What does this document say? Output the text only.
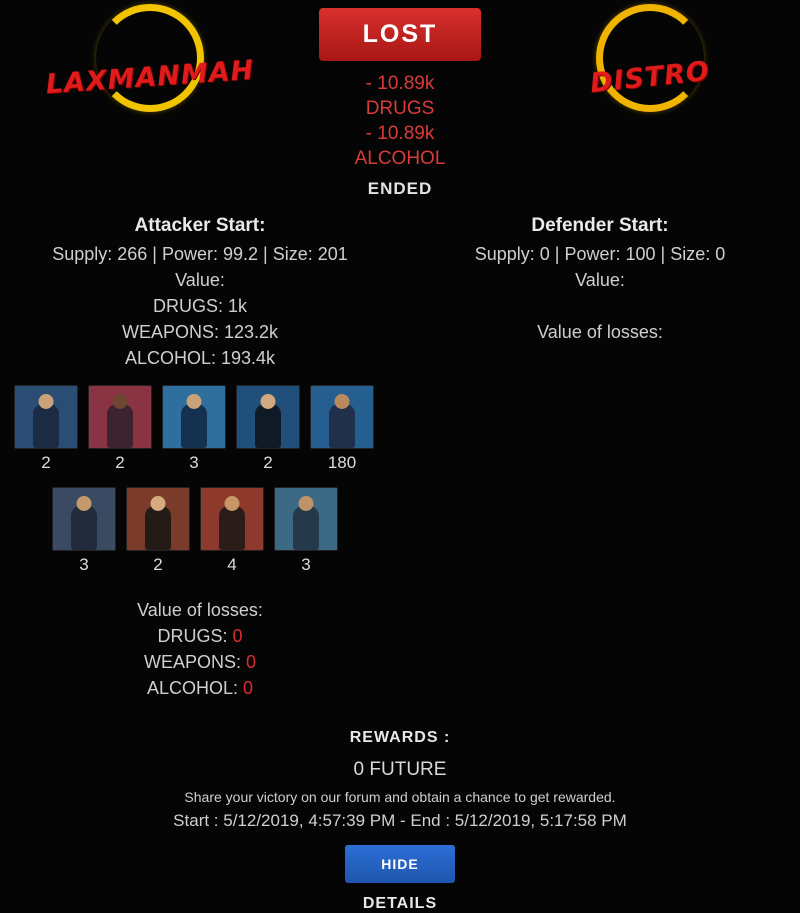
LAXMANMAH
LOST
- 10.89k
DRUGS
- 10.89k
ALCOHOL
ENDED
DISTRO
Attacker Start:
Supply: 266 | Power: 99.2 | Size: 201
Value:
DRUGS: 1k
WEAPONS: 123.2k
ALCOHOL: 193.4k
Defender Start:
Supply: 0 | Power: 100 | Size: 0
Value:
Value of losses:
2	2	3	2	180
3	2	4	3
Value of losses:
DRUGS: 0
WEAPONS: 0
ALCOHOL: 0
REWARDS :
0 FUTURE
Share your victory on our forum and obtain a chance to get rewarded.
Start : 5/12/2019, 4:57:39 PM - End : 5/12/2019, 5:17:58 PM
HIDE
DETAILS
